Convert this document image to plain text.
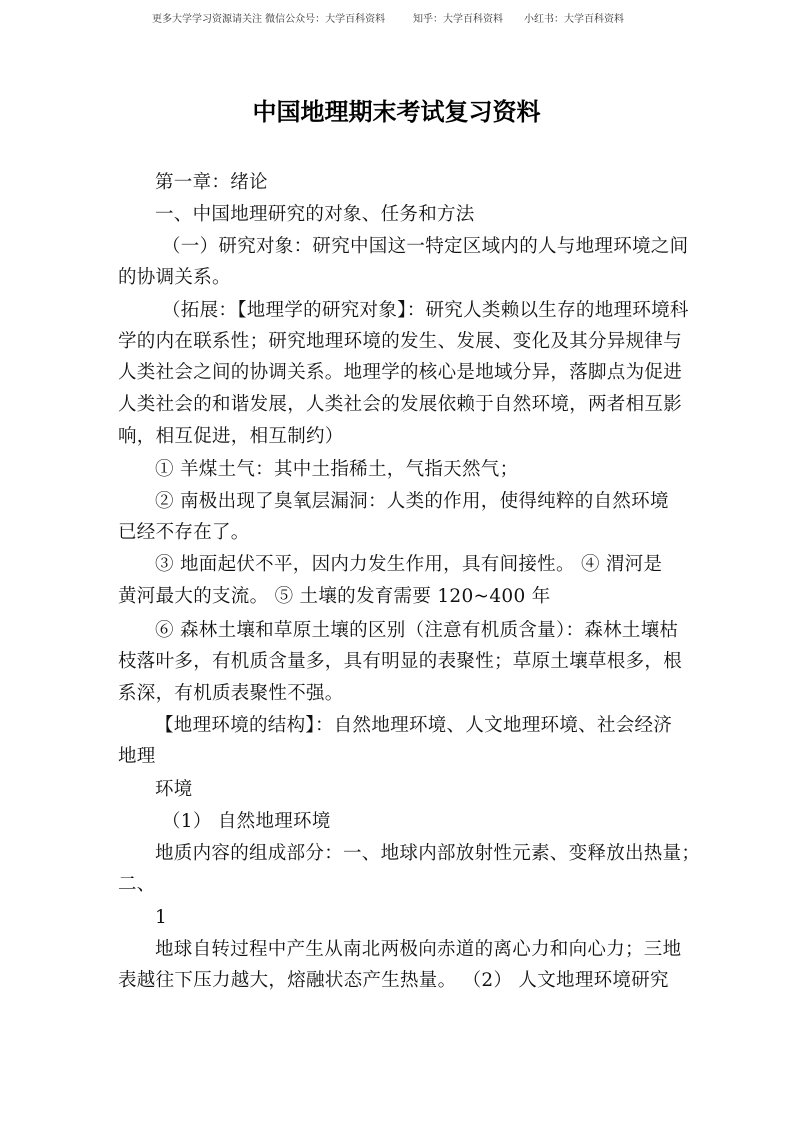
更多大学学习资源请关注 微信公众号：大学百科资料	知乎：大学百科资料 小红书：大学百科资料
中国地理期末考试复习资料
第一章：绪论
一、中国地理研究的对象、任务和方法
（一）研究对象：研究中国这一特定区域内的人与地理环境之间
的协调关系。
（拓展：【地理学的研究对象】：研究人类赖以生存的地理环境科
学的内在联系性；研究地理环境的发生、发展、变化及其分异规律与
人类社会之间的协调关系。地理学的核心是地域分异，落脚点为促进
人类社会的和谐发展，人类社会的发展依赖于自然环境，两者相互影
响，相互促进，相互制约）
① 羊煤土气：其中土指稀土，气指天然气；
② 南极出现了臭氧层漏洞：人类的作用，使得纯粹的自然环境
已经不存在了。
③ 地面起伏不平，因内力发生作用，具有间接性。 ④ 渭河是
黄河最大的支流。 ⑤ 土壤的发育需要 120~400 年
⑥ 森林土壤和草原土壤的区别（注意有机质含量）：森林土壤枯
枝落叶多，有机质含量多，具有明显的表聚性；草原土壤草根多，根
系深，有机质表聚性不强。
【地理环境的结构】：自然地理环境、人文地理环境、社会经济
地理
环境
（1） 自然地理环境
地质内容的组成部分：一、地球内部放射性元素、变释放出热量；
二、
1
地球自转过程中产生从南北两极向赤道的离心力和向心力；三地
表越往下压力越大，熔融状态产生热量。 （2） 人文地理环境研究
